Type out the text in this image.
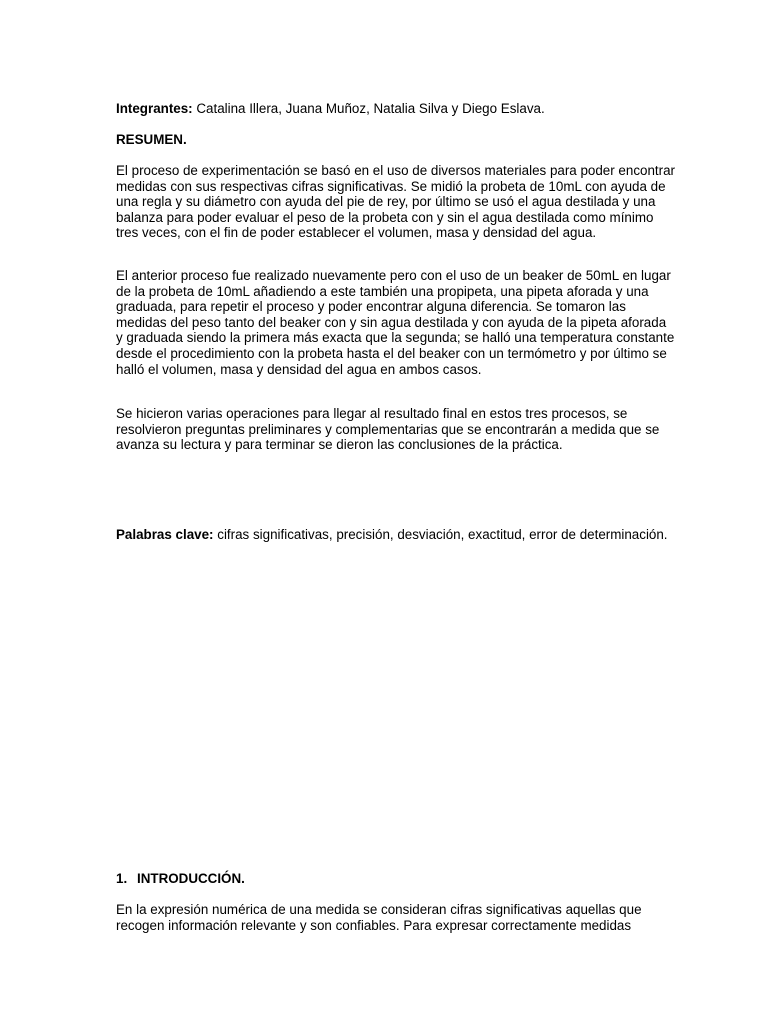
Integrantes: Catalina Illera, Juana Muñoz, Natalia Silva y Diego Eslava.

RESUMEN.

El proceso de experimentación se basó en el uso de diversos materiales para poder encontrar medidas con sus respectivas cifras significativas. Se midió la probeta de 10mL con ayuda de una regla y su diámetro con ayuda del pie de rey, por último se usó el agua destilada y una balanza para poder evaluar el peso de la probeta con y sin el agua destilada como mínimo tres veces, con el fin de poder establecer el volumen, masa y densidad del agua.

El anterior proceso fue realizado nuevamente pero con el uso de un beaker de 50mL en lugar de la probeta de 10mL añadiendo a este también una propipeta, una pipeta aforada y una graduada, para repetir el proceso y poder encontrar alguna diferencia. Se tomaron las medidas del peso tanto del beaker con y sin agua destilada y con ayuda de la pipeta aforada y graduada siendo la primera más exacta que la segunda; se halló una temperatura constante desde el procedimiento con la probeta hasta el del beaker con un termómetro y por último se halló el volumen, masa y densidad del agua en ambos casos.

Se hicieron varias operaciones para llegar al resultado final en estos tres procesos, se resolvieron preguntas preliminares y complementarias que se encontrarán a medida que se avanza su lectura y para terminar se dieron las conclusiones de la práctica.

Palabras clave: cifras significativas, precisión, desviación, exactitud, error de determinación.

1. INTRODUCCIÓN.

En la expresión numérica de una medida se consideran cifras significativas aquellas que recogen información relevante y son confiables. Para expresar correctamente medidas
